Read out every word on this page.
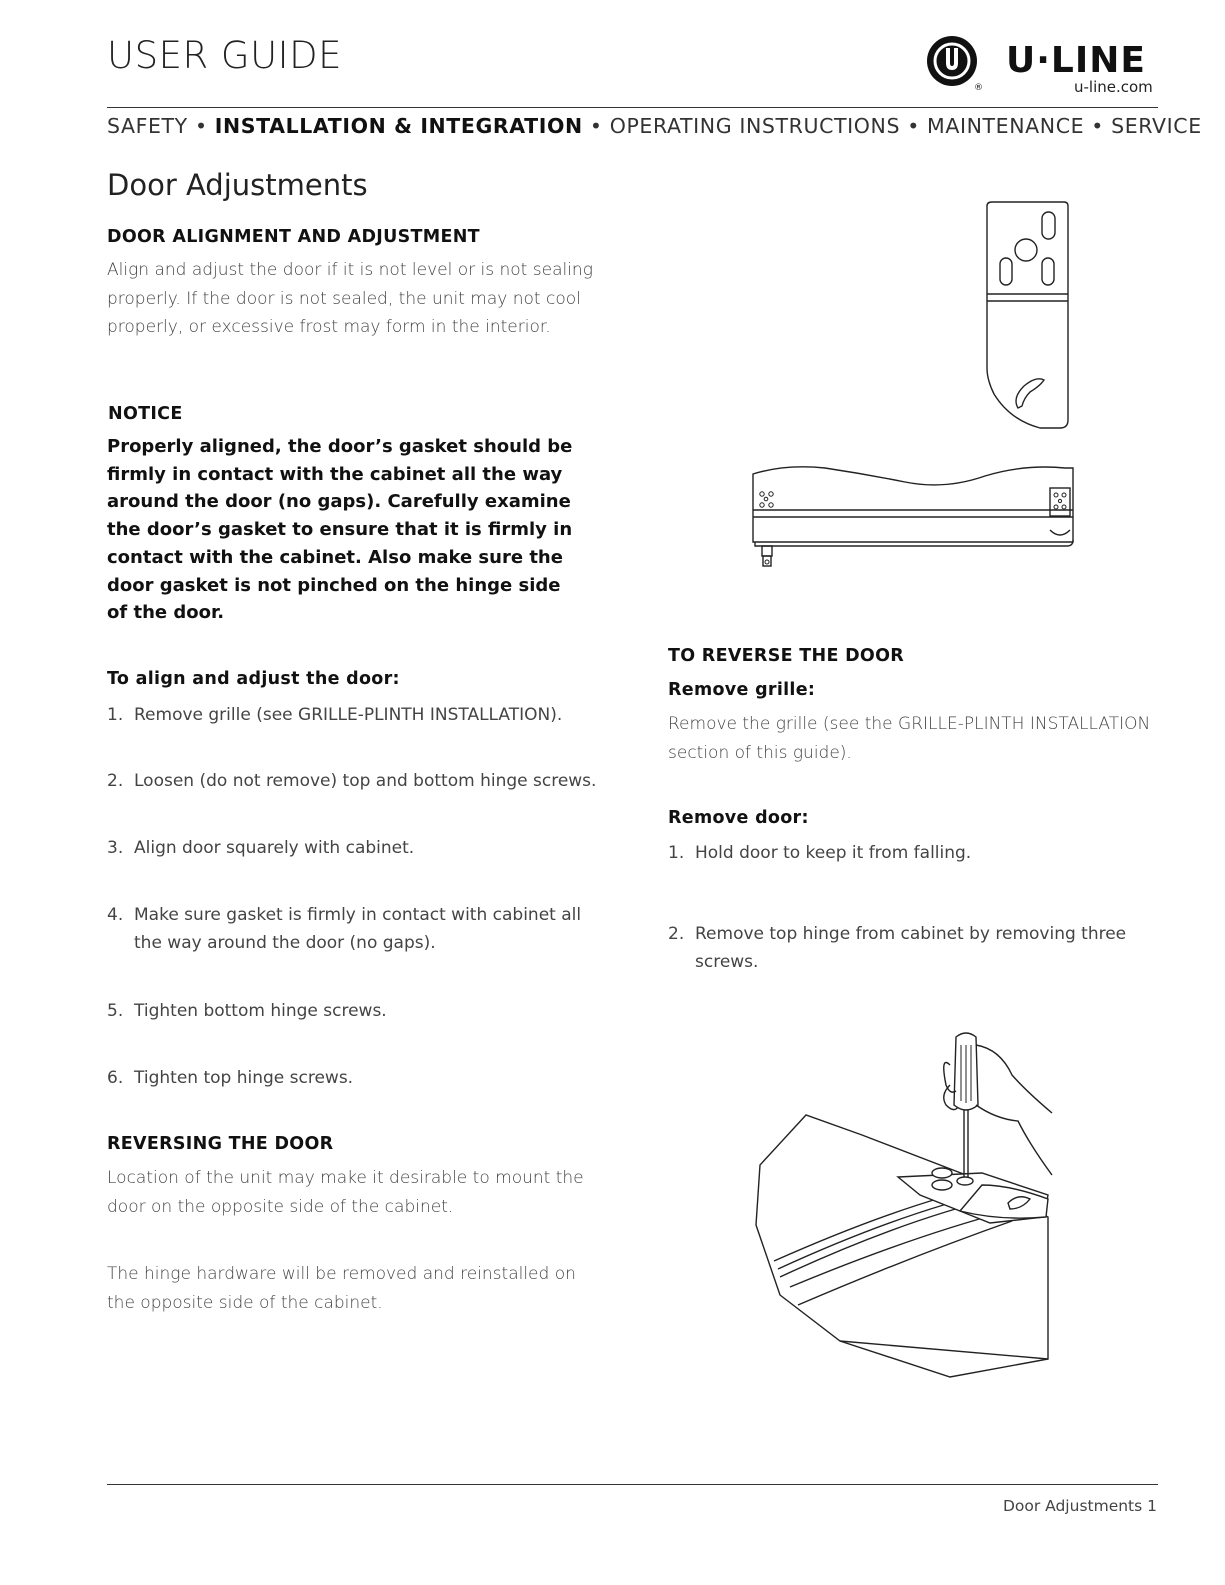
USER GUIDE
®
U·LINE
u-line.com
SAFETY • INSTALLATION & INTEGRATION • OPERATING INSTRUCTIONS • MAINTENANCE • SERVICE
Door Adjustments
DOOR ALIGNMENT AND ADJUSTMENT
Align and adjust the door if it is not level or is not sealing properly. If the door is not sealed, the unit may not cool properly, or excessive frost may form in the interior.
NOTICE
Properly aligned, the door’s gasket should be firmly in contact with the cabinet all the way around the door (no gaps). Carefully examine the door’s gasket to ensure that it is firmly in contact with the cabinet. Also make sure the door gasket is not pinched on the hinge side of the door.
To align and adjust the door:
1. Remove grille (see GRILLE-PLINTH INSTALLATION).
2. Loosen (do not remove) top and bottom hinge screws.
3. Align door squarely with cabinet.
4. Make sure gasket is firmly in contact with cabinet all the way around the door (no gaps).
5. Tighten bottom hinge screws.
6. Tighten top hinge screws.
REVERSING THE DOOR
Location of the unit may make it desirable to mount the door on the opposite side of the cabinet.
The hinge hardware will be removed and reinstalled on the opposite side of the cabinet.
TO REVERSE THE DOOR
Remove grille:
Remove the grille (see the GRILLE-PLINTH INSTALLATION section of this guide).
Remove door:
1. Hold door to keep it from falling.
2. Remove top hinge from cabinet by removing three screws.
Door Adjustments 1
